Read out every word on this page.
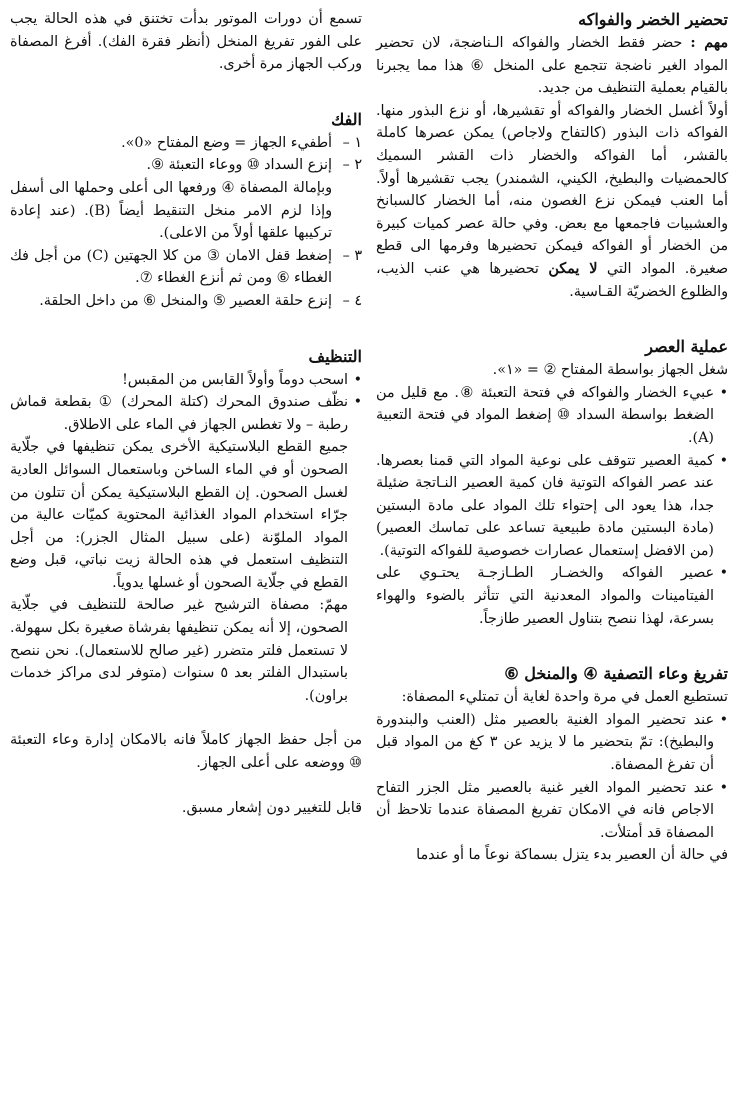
تحضير الخضر والفواكه

مهم : حضر فقط الخضار والفواكه الـناضجة، لان تحضير المواد الغير ناضجة تتجمع على المنخل ⑥ هذا مما يجبرنا بالقيام بعملية التنظيف من جديد.

أولاً أغسل الخضار والفواكه أو تقشيرها، أو نزع البذور منها. الفواكه ذات البذور (كالتفاح ولاجاص) يمكن عصرها كاملة بالقشر، أما الفواكه والخضار ذات القشر السميك كالحمضيات والبطيخ، الكيني، الشمندر) يجب تقشيرها أولاً. أما العنب فيمكن نزع الغصون منه، أما الخضار كالسبانخ والعشبيات فاجمعها مع بعض. وفي حالة عصر كميات كبيرة من الخضار أو الفواكه فيمكن تحضيرها وفرمها الى قطع صغيرة. المواد التي لا يمكن تحضيرها هي عنب الذيب، والظلوع الخضريّة القـاسية.

عملية العصر

شغل الجهاز بواسطة المفتاح ② = «١».

• عبيء الخضار والفواكه في فتحة التعبئة ⑧. مع قليل من الضغط بواسطة السداد ⑩ إضغط المواد في فتحة التعبية (A).
• كمية العصير تتوقف على نوعية المواد التي قمنا بعصرها. عند عصر الفواكه التوتية فان كمية العصير النـاتجة ضئيلة جدا، هذا يعود الى إحتواء تلك المواد على مادة البستين (مادة البستين مادة طبيعية تساعد على تماسك العصير) (من الافضل إستعمال عصارات خصوصية للفواكه التوتية).
• عصير الفواكه والخضـار الطـازجـة يحتـوي على الفيتامينات والمواد المعدنية التي تتأثر بالضوء والهواء بسرعة، لهذا ننصح بتناول العصير طازجاً.
تفريغ وعاء التصفية ④ والمنخل ⑥

تستطيع العمل في مرة واحدة لغاية أن تمتليء المصفاة:

• عند تحضير المواد الغنية بالعصير مثل (العنب والبندورة والبطيخ): تمّ بتحضير ما لا يزيد عن ٣ كغ من المواد قبل أن تفرغ المصفاة.
• عند تحضير المواد الغير غنية بالعصير مثل الجزر التفاح الاجاص فانه في الامكان تفريغ المصفاة عندما تلاحظ أن المصفاة قد أمتلأت.

في حالة أن العصير بدء يتزل بسماكة نوعاً ما أو عندما

تسمع أن دورات الموتور بدأت تختنق في هذه الحالة يجب على الفور تفريغ المنخل (أنظر فقرة الفك). أفرغ المصفاة وركب الجهاز مرة أخرى.

الفك
١ –
أطفيء الجهاز = وضع المفتاح «0».
٢ –
إنزع السداد ⑩ ووعاء التعبئة ⑨.
وبإمالة المصفاة ④ ورفعها الى أعلى وحملها الى أسفل وإذا لزم الامر منخل التنقيط أيضاً (B). (عند إعادة تركيبها علقها أولاً من الاعلى).
٣ –
إضغط قفل الامان ③ من كلا الجهتين (C) من أجل فك الغطاء ⑥ ومن ثم أنزع الغطاء ⑦.
٤ –
إنزع حلقة العصير ⑤ والمنخل ⑥ من داخل الحلقة.
التنظيف
• اسحب دوماً وأولاً القابس من المقبس!
• نظّف صندوق المحرك (كتلة المحرك) ① بقطعة قماش رطبة – ولا تغطس الجهاز في الماء على الاطلاق.

جميع القطع البلاستيكية الأخرى يمكن تنظيفها في جلّاية الصحون أو في الماء الساخن وباستعمال السوائل العادية لغسل الصحون. إن القطع البلاستيكية يمكن أن تتلون من جرّاء استخدام المواد الغذائية المحتوية كميّات عالية من المواد الملوّنة (على سبيل المثال الجزر): من أجل التنظيف استعمل في هذه الحالة زيت نباتي، قبل وضع القطع في جلّاية الصحون أو غسلها يدوياً.

مهمّ: مصفاة الترشيح غير صالحة للتنظيف في جلّاية الصحون، إلا أنه يمكن تنظيفها بفرشاة صغيرة بكل سهولة. لا تستعمل فلتر متضرر (غير صالح للاستعمال). نحن ننصح باستبدال الفلتر بعد ٥ سنوات (متوفر لدى مراكز خدمات براون).

من أجل حفظ الجهاز كاملاً فانه بالامكان إدارة وعاء التعبئة ⑩ ووضعه على أعلى الجهاز.

قابل للتغيير دون إشعار مسبق.
